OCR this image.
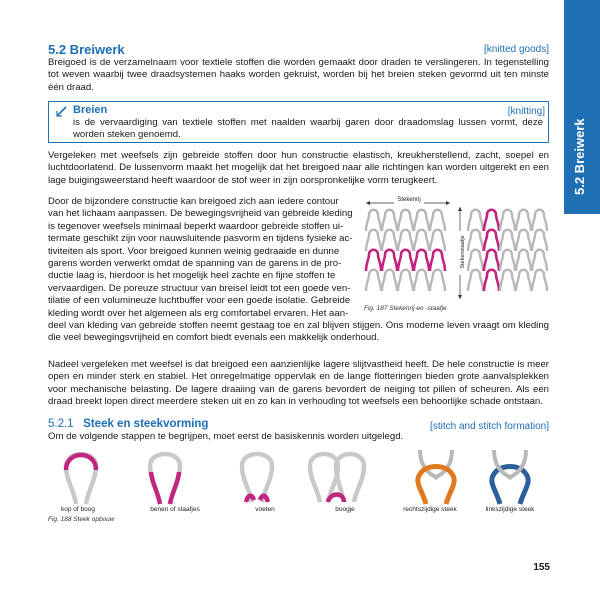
5.2 Breiwerk
5.2 Breiwerk	[knitted goods]
Breigoed is de verzamelnaam voor textiele stoffen die worden gemaakt door draden te verslingeren. In tegenstelling tot weven waarbij twee draadsystemen haaks worden gekruist, worden bij het breien steken gevormd uit ten minste één draad.
Breien	[knitting]
is de vervaardiging van textiele stoffen met naalden waarbij garen door draadomslag lussen vormt, deze worden steken genoemd.
Vergeleken met weefsels zijn gebreide stoffen door hun constructie elastisch, kreukherstellend, zacht, soepel en luchtdoorlatend. De lussenvorm maakt het mogelijk dat het breigoed naar alle richtingen kan worden uitgerekt en een lage buigingsweerstand heeft waardoor de stof weer in zijn oorspronkelijke vorm terugkeert.
Door de bijzondere constructie kan breigoed zich aan iedere contour
van het lichaam aanpassen. De bewegingsvrijheid van gebreide kleding
is tegenover weefsels minimaal beperkt waardoor gebreide stoffen ui-
termate geschikt zijn voor nauwsluitende pasvorm en tijdens fysieke ac-
tiviteiten als sport. Voor breigoed kunnen weinig gedraaide en dunne
garens worden verwerkt omdat de spanning van de garens in de pro-
ductie laag is, hierdoor is het mogelijk heel zachte en fijne stoffen te
vervaardigen. De poreuze structuur van breisel leidt tot een goede ven-
tilatie of een volumineuze luchtbuffer voor een goede isolatie. Gebreide
kleding wordt over het algemeen als erg comfortabel ervaren. Het aan-
deel van kleding van gebreide stoffen neemt gestaag toe en zal blijven stijgen. Ons moderne leven vraagt om kleding die veel bewegingsvrijheid en comfort biedt evenals een makkelijk onderhoud.
Stekenrij
Stekenstaafje
Fig. 187 Stekenrij en -staafje
Nadeel vergeleken met weefsel is dat breigoed een aanzienlijke lagere slijtvastheid heeft. De hele constructie is meer open en minder sterk en stabiel. Het onregelmatige oppervlak en de lange flotteringen bieden grote aanvalsplekken voor mechanische belasting. De lagere draaiing van de garens bevordert de neiging tot pillen of scheuren. Als een draad breekt lopen direct meerdere steken uit en zo kan in verhouding tot weefsels een behoorlijke schade ontstaan.
5.2.1 Steek en steekvorming	[stitch and stitch formation]
Om de volgende stappen te begrijpen, moet eerst de basiskennis worden uitgelegd.
kop of boog	benen of staafjes	voeten	boogje	rechtszijdige steek	linkszijdige steek
Fig. 188 Steek opbouw
155
